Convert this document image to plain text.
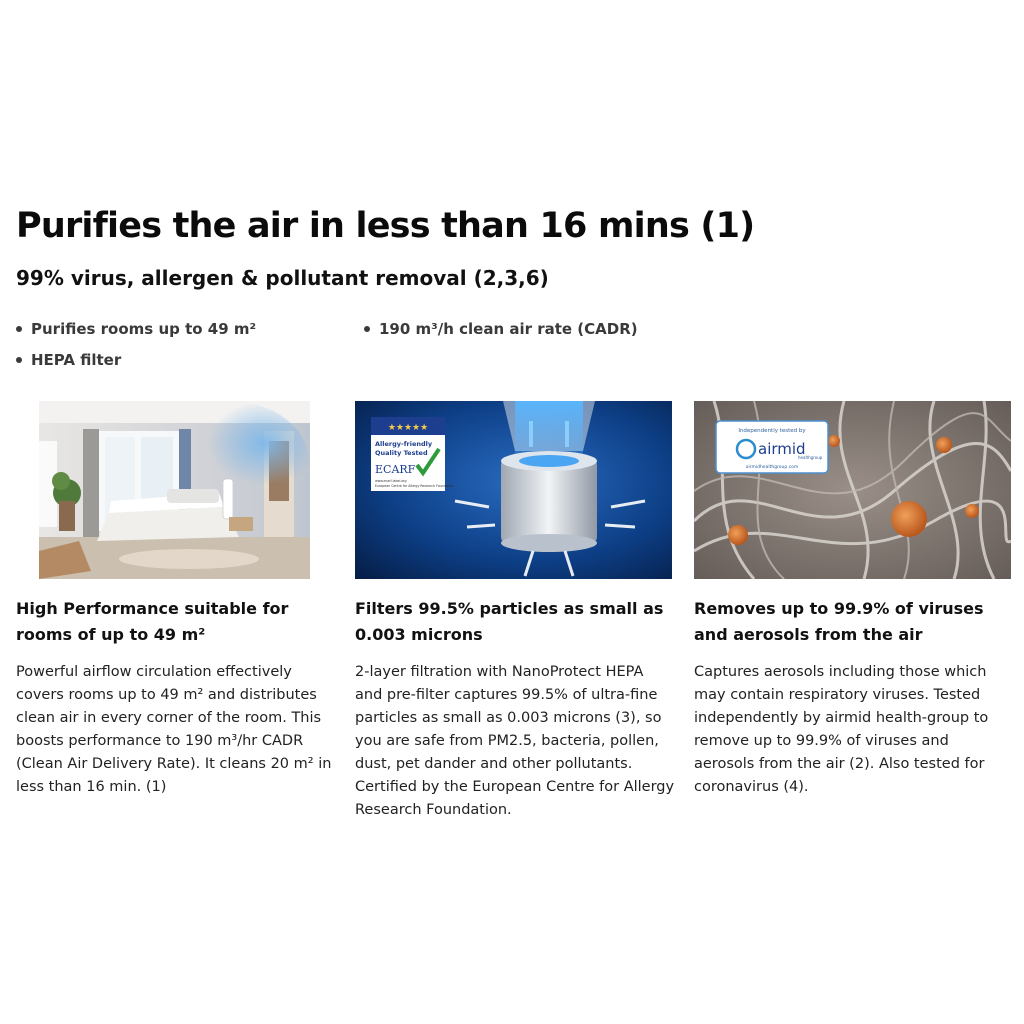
Purifies the air in less than 16 mins (1)
99% virus, allergen & pollutant removal (2,3,6)
Purifies rooms up to 49 m²	190 m³/h clean air rate (CADR)
HEPA filter
★★★★★
Allergy-friendly
Quality Tested
ECARF
www.ecarf-label.org
European Centre for Allergy Research Foundation
Independently tested by
airmid
healthgroup
airmidhealthgroup.com
High Performance suitable for rooms of up to 49 m²
Filters 99.5% particles as small as 0.003 microns
Removes up to 99.9% of viruses and aerosols from the air

Powerful airflow circulation effectively covers rooms up to 49 m² and distributes clean air in every corner of the room. This boosts performance to 190 m³/hr CADR (Clean Air Delivery Rate). It cleans 20 m² in less than 16 min. (1)

2-layer filtration with NanoProtect HEPA and pre-filter captures 99.5% of ultra-fine particles as small as 0.003 microns (3), so you are safe from PM2.5, bacteria, pollen, dust, pet dander and other pollutants. Certified by the European Centre for Allergy Research Foundation.

Captures aerosols including those which may contain respiratory viruses. Tested independently by airmid health-group to remove up to 99.9% of viruses and aerosols from the air (2). Also tested for coronavirus (4).
